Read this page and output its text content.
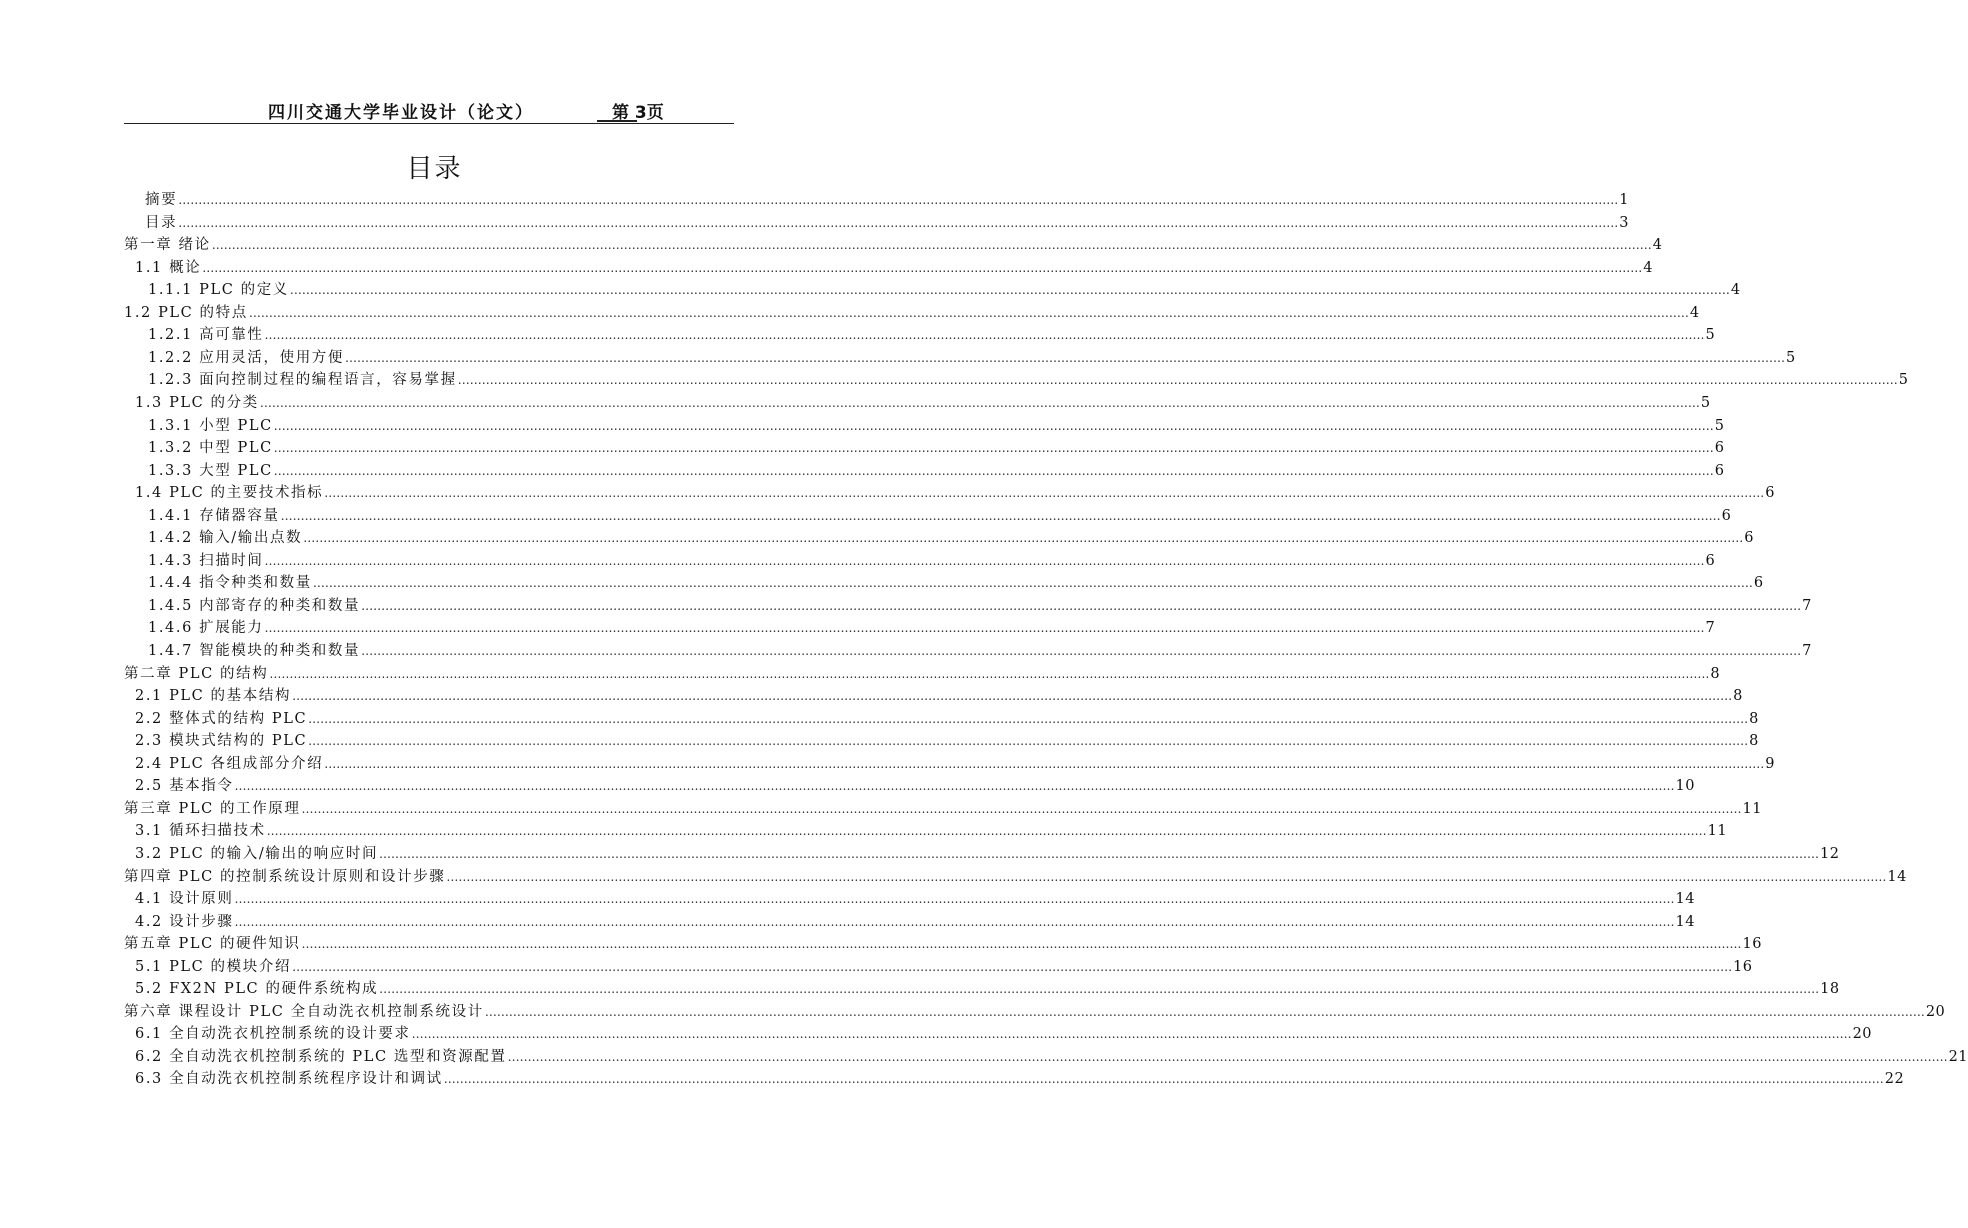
四川交通大学毕业设计（论文）	第 3页
目录
摘要 ……………………………………………………………………………………………………………………………………………………………………………………………………………………………………………………………………………………………………………………………… 1
目录 ……………………………………………………………………………………………………………………………………………………………………………………………………………………………………………………………………………………………………………………………… 3
第一章 绪论 ……………………………………………………………………………………………………………………………………………………………………………………………………………………………………………………………………………………………………………………………… 4
1.1 概论 ……………………………………………………………………………………………………………………………………………………………………………………………………………………………………………………………………………………………………………………………… 4
1.1.1 PLC 的定义 ……………………………………………………………………………………………………………………………………………………………………………………………………………………………………………………………………………………………………………………………… 4
1.2 PLC 的特点 ……………………………………………………………………………………………………………………………………………………………………………………………………………………………………………………………………………………………………………………………… 4
1.2.1 高可靠性 ……………………………………………………………………………………………………………………………………………………………………………………………………………………………………………………………………………………………………………………………… 5
1.2.2 应用灵活，使用方便 ……………………………………………………………………………………………………………………………………………………………………………………………………………………………………………………………………………………………………………………………… 5
1.2.3 面向控制过程的编程语言，容易掌握 ……………………………………………………………………………………………………………………………………………………………………………………………………………………………………………………………………………………………………………………………… 5
1.3 PLC 的分类 ……………………………………………………………………………………………………………………………………………………………………………………………………………………………………………………………………………………………………………………………… 5
1.3.1 小型 PLC ……………………………………………………………………………………………………………………………………………………………………………………………………………………………………………………………………………………………………………………………… 5
1.3.2 中型 PLC ……………………………………………………………………………………………………………………………………………………………………………………………………………………………………………………………………………………………………………………………… 6
1.3.3 大型 PLC ……………………………………………………………………………………………………………………………………………………………………………………………………………………………………………………………………………………………………………………………… 6
1.4 PLC 的主要技术指标 ……………………………………………………………………………………………………………………………………………………………………………………………………………………………………………………………………………………………………………………………… 6
1.4.1 存储器容量 ……………………………………………………………………………………………………………………………………………………………………………………………………………………………………………………………………………………………………………………………… 6
1.4.2 输入/输出点数 ……………………………………………………………………………………………………………………………………………………………………………………………………………………………………………………………………………………………………………………………… 6
1.4.3 扫描时间 ……………………………………………………………………………………………………………………………………………………………………………………………………………………………………………………………………………………………………………………………… 6
1.4.4 指令种类和数量 ……………………………………………………………………………………………………………………………………………………………………………………………………………………………………………………………………………………………………………………………… 6
1.4.5 内部寄存的种类和数量 ……………………………………………………………………………………………………………………………………………………………………………………………………………………………………………………………………………………………………………………………… 7
1.4.6 扩展能力 ……………………………………………………………………………………………………………………………………………………………………………………………………………………………………………………………………………………………………………………………… 7
1.4.7 智能模块的种类和数量 ……………………………………………………………………………………………………………………………………………………………………………………………………………………………………………………………………………………………………………………………… 7
第二章 PLC 的结构 ……………………………………………………………………………………………………………………………………………………………………………………………………………………………………………………………………………………………………………………………… 8
2.1 PLC 的基本结构 ……………………………………………………………………………………………………………………………………………………………………………………………………………………………………………………………………………………………………………………………… 8
2.2 整体式的结构 PLC ……………………………………………………………………………………………………………………………………………………………………………………………………………………………………………………………………………………………………………………………… 8
2.3 模块式结构的 PLC ……………………………………………………………………………………………………………………………………………………………………………………………………………………………………………………………………………………………………………………………… 8
2.4 PLC 各组成部分介绍 ……………………………………………………………………………………………………………………………………………………………………………………………………………………………………………………………………………………………………………………………… 9
2.5 基本指令 ……………………………………………………………………………………………………………………………………………………………………………………………………………………………………………………………………………………………………………………………… 10
第三章 PLC 的工作原理 ……………………………………………………………………………………………………………………………………………………………………………………………………………………………………………………………………………………………………………………………… 11
3.1 循环扫描技术 ……………………………………………………………………………………………………………………………………………………………………………………………………………………………………………………………………………………………………………………………… 11
3.2 PLC 的输入/输出的响应时间 ……………………………………………………………………………………………………………………………………………………………………………………………………………………………………………………………………………………………………………………………… 12
第四章 PLC 的控制系统设计原则和设计步骤 ……………………………………………………………………………………………………………………………………………………………………………………………………………………………………………………………………………………………………………………………… 14
4.1 设计原则 ……………………………………………………………………………………………………………………………………………………………………………………………………………………………………………………………………………………………………………………………… 14
4.2 设计步骤 ……………………………………………………………………………………………………………………………………………………………………………………………………………………………………………………………………………………………………………………………… 14
第五章 PLC 的硬件知识 ……………………………………………………………………………………………………………………………………………………………………………………………………………………………………………………………………………………………………………………………… 16
5.1 PLC 的模块介绍 ……………………………………………………………………………………………………………………………………………………………………………………………………………………………………………………………………………………………………………………………… 16
5.2 FX2N PLC 的硬件系统构成 ……………………………………………………………………………………………………………………………………………………………………………………………………………………………………………………………………………………………………………………………… 18
第六章 课程设计 PLC 全自动洗衣机控制系统设计 ……………………………………………………………………………………………………………………………………………………………………………………………………………………………………………………………………………………………………………………………… 20
6.1 全自动洗衣机控制系统的设计要求 ……………………………………………………………………………………………………………………………………………………………………………………………………………………………………………………………………………………………………………………………… 20
6.2 全自动洗衣机控制系统的 PLC 选型和资源配置 ……………………………………………………………………………………………………………………………………………………………………………………………………………………………………………………………………………………………………………………………… 21
6.3 全自动洗衣机控制系统程序设计和调试 ……………………………………………………………………………………………………………………………………………………………………………………………………………………………………………………………………………………………………………………………… 22
